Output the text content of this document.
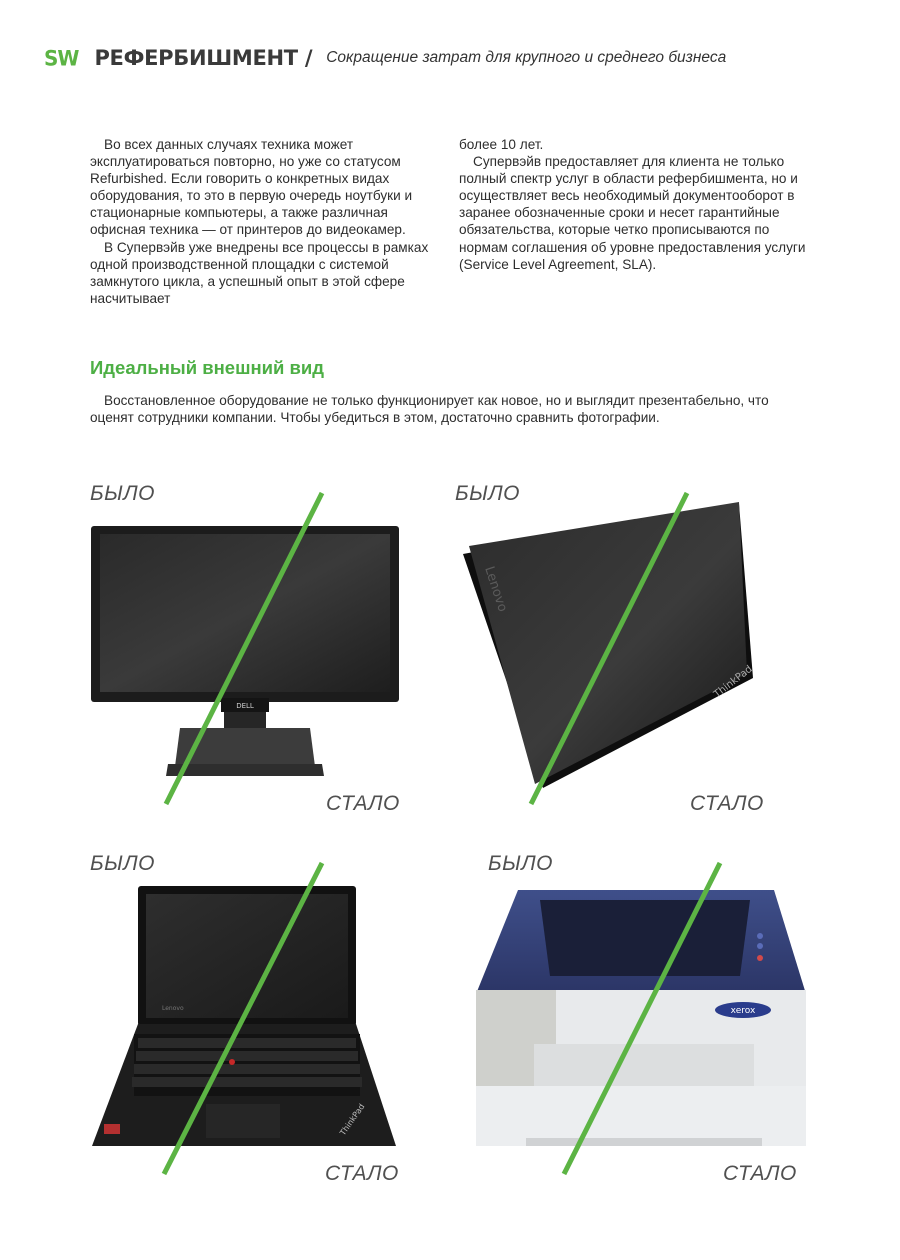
SW РЕФЕРБИШМЕНТ / Сокращение затрат для крупного и среднего бизнеса

Во всех данных случаях техника может эксплуатироваться повторно, но уже со статусом Refurbished. Если говорить о конкретных видах оборудования, то это в первую очередь ноутбуки и стационарные компьютеры, а также различная офисная техника — от принтеров до видеокамер.

В Супервэйв уже внедрены все процессы в рамках одной производственной площадки с системой замкнутого цикла, а успешный опыт в этой сфере насчитывает

более 10 лет.

Супервэйв предоставляет для клиента не только полный спектр услуг в области рефербишмента, но и осуществляет весь необходимый документооборот в заранее обозначенные сроки и несет гарантийные обязательства, которые четко прописываются по нормам соглашения об уровне предоставления услуги (Service Level Agreement, SLA).

Идеальный внешний вид

Восстановленное оборудование не только функционирует как новое, но и выглядит презентабельно, что оценят сотрудники компании. Чтобы убедиться в этом, достаточно сравнить фотографии.

БЫЛО
СТАЛО
БЫЛО
СТАЛО
БЫЛО
СТАЛО
БЫЛО
СТАЛО
DELL
Lenovo
ThinkPad
Lenovo
ThinkPad
xerox
